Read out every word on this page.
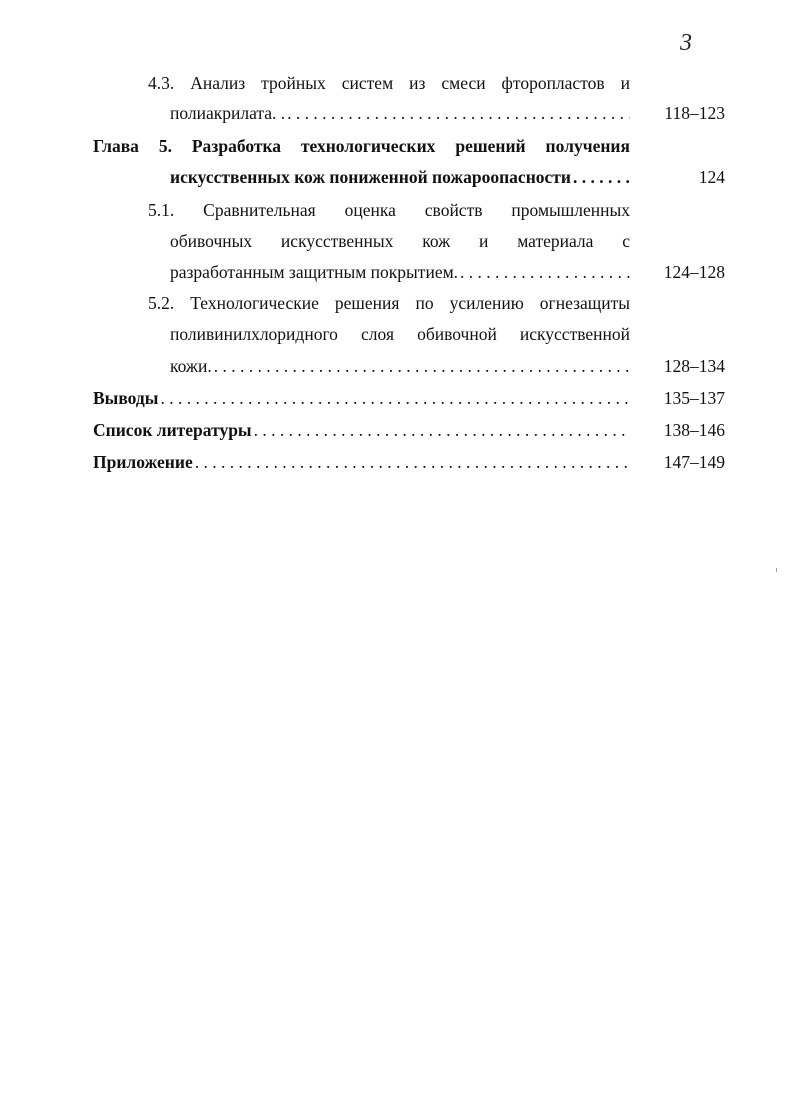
3
4.3. Анализ тройных систем из смеси фторопластов и
полиакрилата. . . . .	118–123
Глава 5. Разработка технологических решений получения
искусственных кож пониженной пожароопасности . . .	124
5.1. Сравнительная оценка свойств промышленных
обивочных искусственных кож и материала с
разработанным защитным покрытием. . . .	124–128
5.2. Технологические решения по усилению огнезащиты
поливинилхлоридного слоя обивочной искусственной
кожи. . . .	128–134
Выводы . . .	135–137
Список литературы . . .	138–146
Приложение . . .	147–149
